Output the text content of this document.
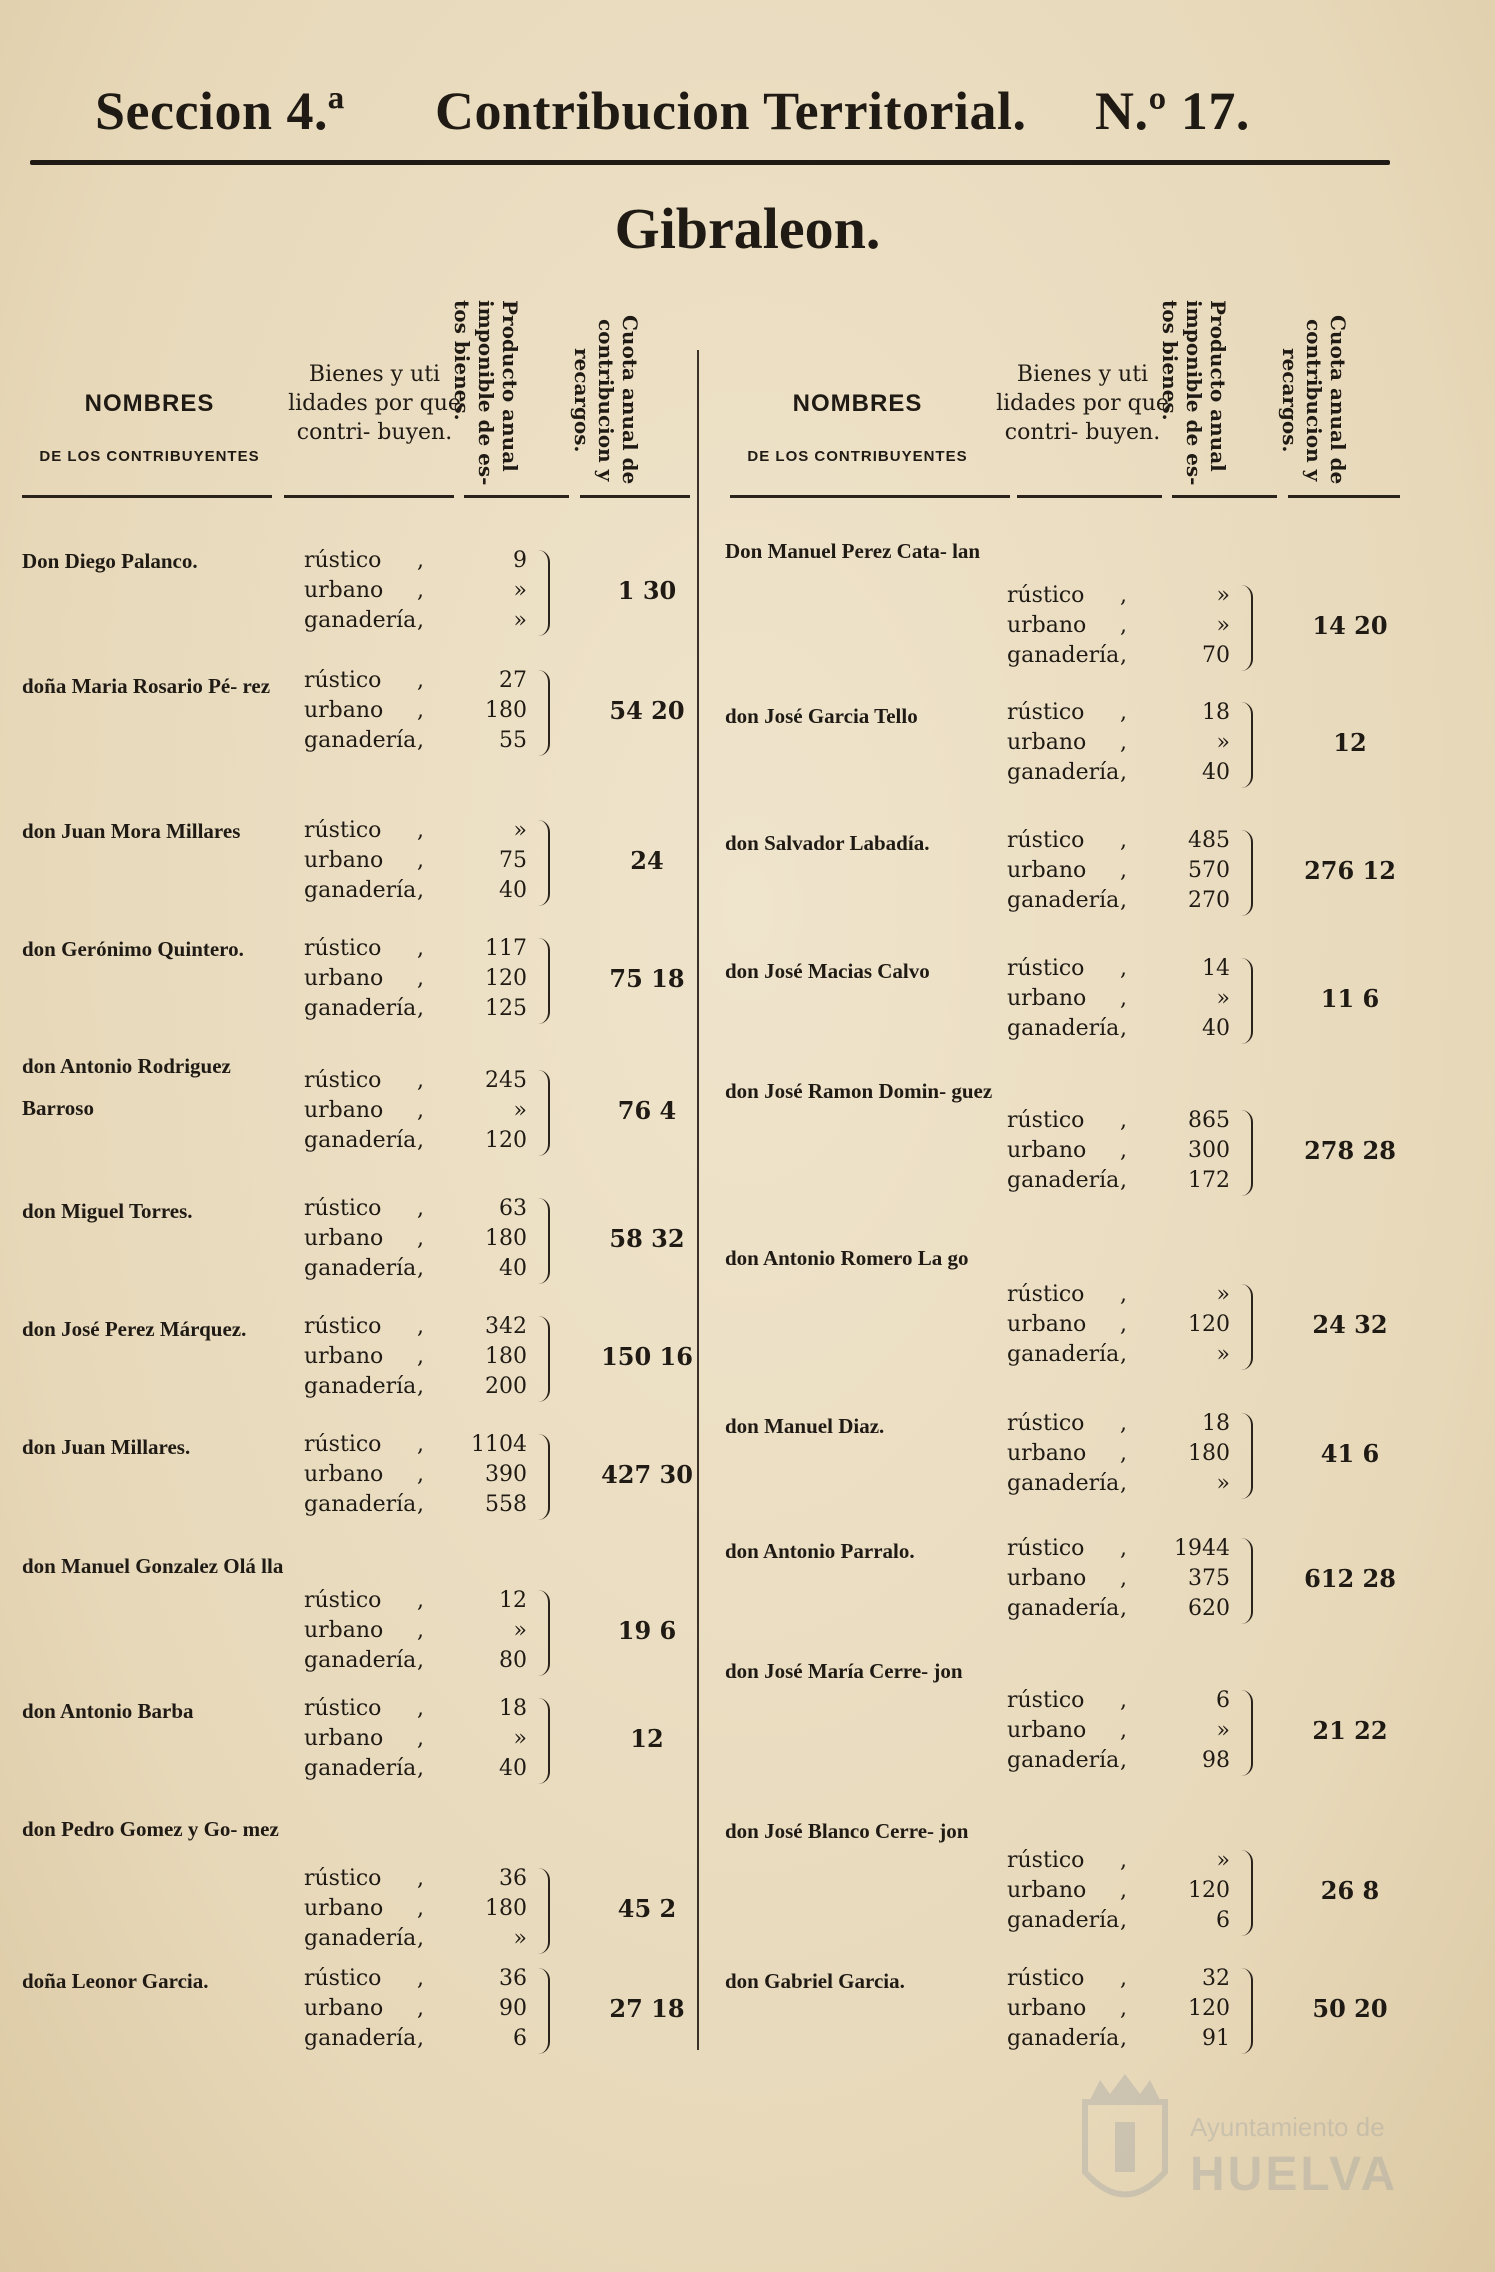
Seccion 4.ª Contribucion Territorial. N.º 17.
Gibraleon.
NOMBRES
DE LOS CONTRIBUYENTES
Bienes y uti lidades por que contri- buyen.	Producto anual imponible de es- tos bienes.	Cuota anual de contribucion y recargos.	NOMBRES
DE LOS CONTRIBUYENTES
Bienes y uti lidades por que contri- buyen.	Producto anual imponible de es- tos bienes.	Cuota anual de contribucion y recargos.
Don Diego Palanco.	rústico ,	9
urbano ,	»
ganadería ,	»
1 30
doña Maria Rosario Pé- rez	rústico ,	27
urbano ,	180
ganadería ,	55
54 20
don Juan Mora Millares	rústico ,	»
urbano ,	75
ganadería ,	40
24
don Gerónimo Quintero.	rústico ,	117
urbano ,	120
ganadería ,	125
75 18
don Antonio Rodriguez Barroso
rústico ,	245
urbano ,	»
ganadería ,	120
76 4
don Miguel Torres.	rústico ,	63
urbano ,	180
ganadería ,	40
58 32
don José Perez Márquez.	rústico ,	342
urbano ,	180
ganadería ,	200
150 16
don Juan Millares.	rústico , 1104
urbano ,	390
ganadería ,	558
427 30
don Manuel Gonzalez Olá lla
rústico ,	12
urbano ,	»
ganadería ,	80
19 6
don Antonio Barba	rústico ,	18
urbano ,	»
ganadería ,	40
12
don Pedro Gomez y Go- mez
rústico ,	36
urbano ,	180
ganadería ,	»
45 2
doña Leonor Garcia.	rústico ,	36
urbano ,	90
ganadería ,	6
27 18
Don Manuel Perez Cata- lan
rústico ,	»
urbano ,	»
ganadería ,	70
14 20
don José Garcia Tello	rústico ,	18
urbano ,	»
ganadería ,	40
12
don Salvador Labadía.	rústico ,	485
urbano ,	570
ganadería ,	270
276 12
don José Macias Calvo	rústico ,	14
urbano ,	»
ganadería ,	40
11 6
don José Ramon Domin- guez
rústico ,	865
urbano ,	300
ganadería ,	172
278 28
don Antonio Romero La go
rústico ,	»
urbano ,	120
ganadería ,	»
24 32
don Manuel Diaz.	rústico ,	18
urbano ,	180
ganadería ,	»
41 6
don Antonio Parralo.	rústico , 1944
urbano ,	375
ganadería ,	620
612 28
don José María Cerre- jon
rústico ,	6
urbano ,	»
ganadería ,	98
21 22
don José Blanco Cerre- jon
rústico ,	»
urbano ,	120
ganadería ,	6
26 8
don Gabriel Garcia.	rústico ,	32
urbano ,	120
ganadería ,	91
50 20
Ayuntamiento de
HUELVA
